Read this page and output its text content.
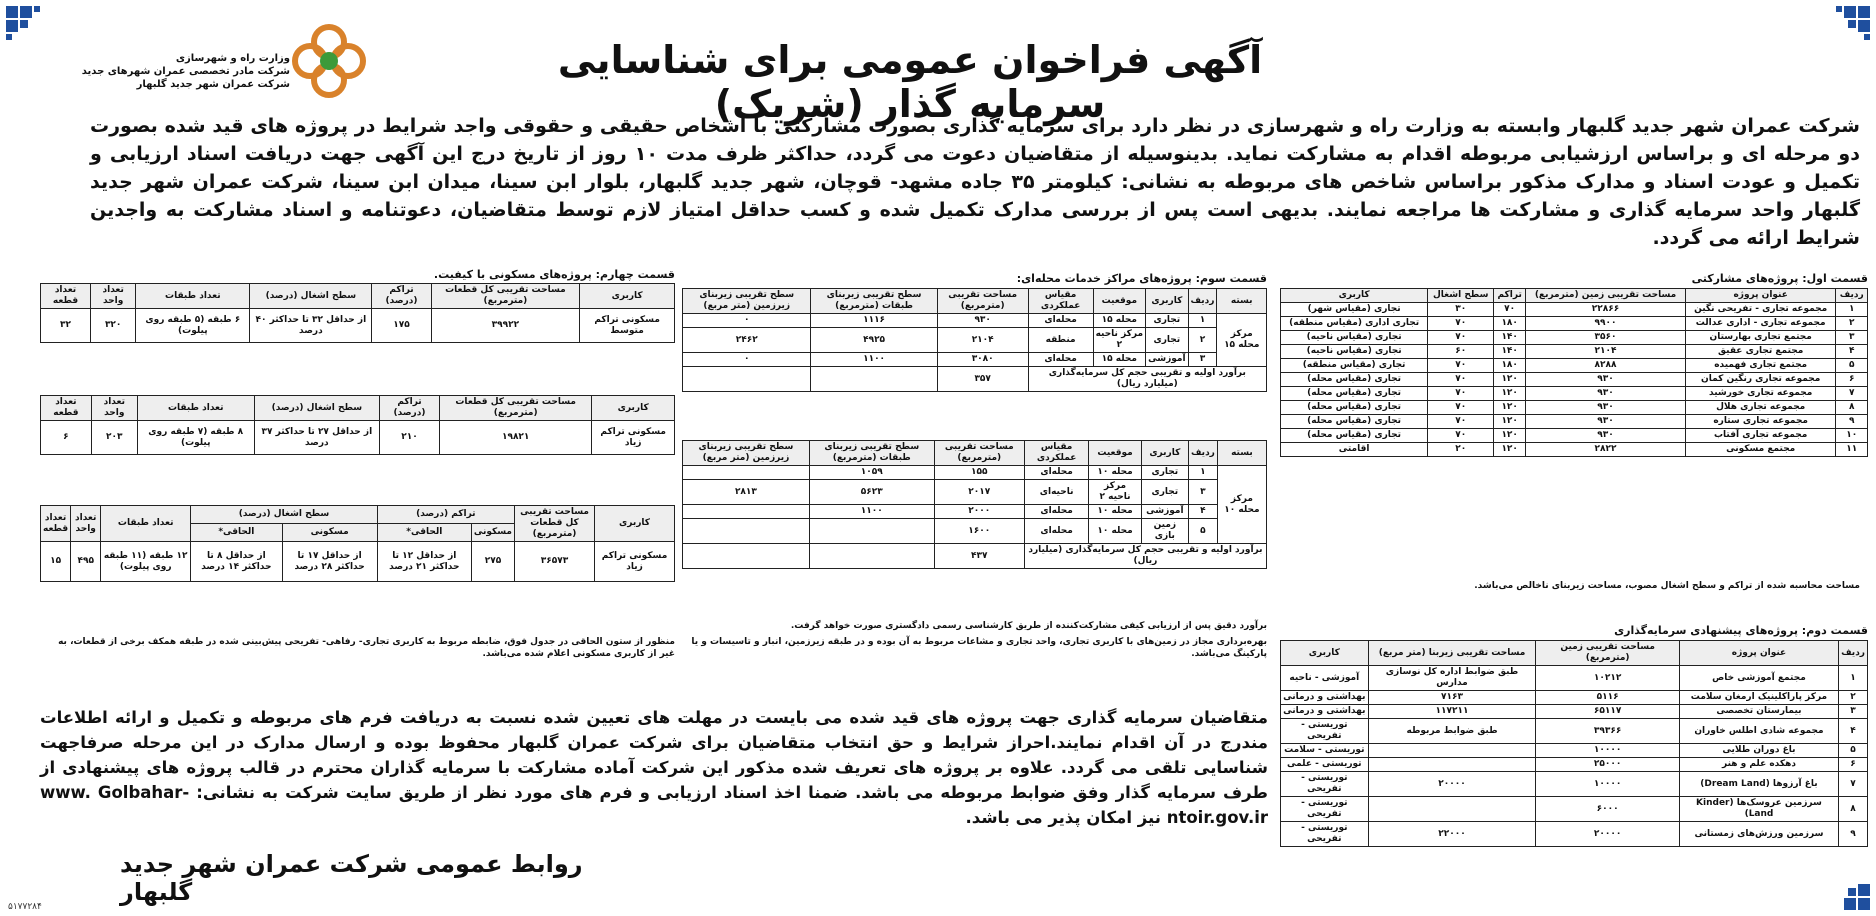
وزارت راه و شهرسازی
شرکت مادر تخصصی عمران شهرهای جدید
شرکت عمران شهر جدید گلبهار
آگهی فراخوان عمومی برای شناسایی سرمایه گذار (شریک)
شرکت عمران شهر جدید گلبهار وابسته به وزارت راه و شهرسازی در نظر دارد برای سرمایه گذاری بصورت مشارکتی با اشخاص حقیقی و حقوقی واجد شرایط در پروژه های قید شده بصورت دو مرحله ای و براساس ارزشیابی مربوطه اقدام به مشارکت نماید. بدینوسیله از متقاضیان دعوت می گردد، حداکثر ظرف مدت ۱۰ روز از تاریخ درج این آگهی جهت دریافت اسناد ارزیابی و تکمیل و عودت اسناد و مدارک مذکور براساس شاخص های مربوطه به نشانی: کیلومتر ۳۵ جاده مشهد- قوچان، شهر جدید گلبهار، بلوار ابن سینا، میدان ابن سینا، شرکت عمران شهر جدید گلبهار واحد سرمایه گذاری و مشارکت ها مراجعه نمایند. بدیهی است پس از بررسی مدارک تکمیل شده و کسب حداقل امتیاز لازم توسط متقاضیان، دعوتنامه و اسناد مشارکت به واجدین شرایط ارائه می گردد.
قسمت اول: پروژه‌های مشارکتی
ردیف	عنوان پروژه	مساحت تقریبی زمین (مترمربع)	تراکم	سطح اشغال	کاربری
۱	مجموعه تجاری - تفریحی نگین	۲۲۸۶۶	۷۰	۳۰	تجاری (مقیاس شهر)
۲	مجموعه تجاری - اداری عدالت	۹۹۰۰	۱۸۰	۷۰	تجاری اداری (مقیاس منطقه)
۳	مجتمع تجاری بهارستان	۳۵۶۰	۱۴۰	۷۰	تجاری (مقیاس ناحیه)
۴	مجتمع تجاری عقیق	۲۱۰۴	۱۴۰	۶۰	تجاری (مقیاس ناحیه)
۵	مجتمع تجاری فهمیده	۸۲۸۸	۱۸۰	۷۰	تجاری (مقیاس منطقه)
۶	مجموعه تجاری رنگین کمان	۹۳۰	۱۲۰	۷۰	تجاری (مقیاس محله)
۷	مجموعه تجاری خورشید	۹۳۰	۱۲۰	۷۰	تجاری (مقیاس محله)
۸	مجموعه تجاری هلال	۹۳۰	۱۲۰	۷۰	تجاری (مقیاس محله)
۹	مجموعه تجاری ستاره	۹۳۰	۱۲۰	۷۰	تجاری (مقیاس محله)
۱۰	مجموعه تجاری آفتاب	۹۳۰	۱۲۰	۷۰	تجاری (مقیاس محله)
۱۱	مجتمع مسکونی	۲۸۲۲	۱۲۰	۲۰	اقامتی
مساحت محاسبه شده از تراکم و سطح اشغال مصوب، مساحت زیربنای ناخالص می‌باشد.
قسمت دوم: پروژه‌های پیشنهادی سرمایه‌گذاری
ردیف	عنوان پروژه	مساحت تقریبی زمین (مترمربع)	مساحت تقریبی زیربنا (متر مربع)	کاربری
۱	مجتمع آموزشی خاص	۱۰۲۱۲	طبق ضوابط اداره کل نوسازی مدارس	آموزشی - ناحیه
۲	مرکز پاراکلینیک ارمغان سلامت	۵۱۱۶	۷۱۶۳	بهداشتی و درمانی
۳	بیمارستان تخصصی	۶۵۱۱۷	۱۱۷۲۱۱	بهداشتی و درمانی
۴	مجموعه شادی اطلس خاوران	۳۹۳۶۶	طبق ضوابط مربوطه	توریستی - تفریحی
۵	باغ دوران طلایی	۱۰۰۰۰		توریستی - سلامت
۶	دهکده علم و هنر	۲۵۰۰۰		توریستی - علمی
۷	باغ آرزوها (Dream Land)	۱۰۰۰۰	۲۰۰۰۰	توریستی - تفریحی
۸	سرزمین عروسک‌ها (Kinder Land)	۶۰۰۰		توریستی - تفریحی
۹	سرزمین ورزش‌های زمستانی	۲۰۰۰۰	۲۲۰۰۰	توریستی - تفریحی
قسمت سوم: پروژه‌های مراکز خدمات محله‌ای:
بسته	ردیف	کاربری	موقعیت	مقیاس عملکردی	مساحت تقریبی (مترمربع)	سطح تقریبی زیربنای طبقات (مترمربع)	سطح تقریبی زیربنای زیرزمین (متر مربع)
مرکز محله ۱۵	۱	تجاری	محله ۱۵	محله‌ای	۹۳۰	۱۱۱۶	۰
	۲	تجاری	مرکز ناحیه ۲	منطقه	۲۱۰۴	۴۹۲۵	۲۴۶۲
	۳	آموزشی	محله ۱۵	محله‌ای	۳۰۸۰	۱۱۰۰	۰
برآورد اولیه و تقریبی حجم کل سرمایه‌گذاری (میلیارد ریال)					۳۵۷		
بسته	ردیف	کاربری	موقعیت	مقیاس عملکردی	مساحت تقریبی (مترمربع)	سطح تقریبی زیربنای طبقات (مترمربع)	سطح تقریبی زیربنای زیرزمین (متر مربع)
مرکز محله ۱۰	۱	تجاری	محله ۱۰	محله‌ای	۱۵۵	۱۰۵۹	
	۳	تجاری	مرکز ناحیه ۲	ناحیه‌ای	۲۰۱۷	۵۶۲۳	۲۸۱۳
	۴	آموزشی	محله ۱۰	محله‌ای	۲۰۰۰	۱۱۰۰	
	۵	زمین بازی	محله ۱۰	محله‌ای	۱۶۰۰		
برآورد اولیه و تقریبی حجم کل سرمایه‌گذاری (میلیارد ریال)					۴۳۷		
برآورد دقیق پس از ارزیابی کیفی مشارکت‌کننده از طریق کارشناسی رسمی دادگستری صورت خواهد گرفت.
بهره‌برداری مجاز در زمین‌های با کاربری تجاری، واحد تجاری و مشاعات مربوط به آن بوده و در طبقه زیرزمین، انبار و تاسیسات و یا پارکینگ می‌باشد.
قسمت چهارم: پروژه‌های مسکونی با کیفیت.
کاربری	مساحت تقریبی کل قطعات (مترمربع)	تراکم (درصد)	سطح اشغال (درصد)	تعداد طبقات	تعداد واحد	تعداد قطعه
مسکونی تراکم متوسط	۳۹۹۲۲	۱۷۵	از حداقل ۳۲ تا حداکثر ۴۰ درصد	۶ طبقه (۵ طبقه روی پیلوت)	۳۲۰	۳۲
کاربری	مساحت تقریبی کل قطعات (مترمربع)	تراکم (درصد)	سطح اشغال (درصد)	تعداد طبقات	تعداد واحد	تعداد قطعه
مسکونی تراکم زیاد	۱۹۸۲۱	۲۱۰	از حداقل ۲۷ تا حداکثر ۳۷ درصد	۸ طبقه (۷ طبقه روی پیلوت)	۲۰۳	۶
کاربری	مساحت تقریبی کل قطعات (مترمربع)	تراکم (درصد)		سطح اشغال (درصد)		تعداد طبقات	تعداد واحد	تعداد قطعه
		مسکونی	الحاقی*	مسکونی	الحاقی*			
مسکونی تراکم زیاد	۳۶۵۷۳	۲۷۵	از حداقل ۱۲ تا حداکثر ۲۱ درصد	از حداقل ۱۷ تا حداکثر ۲۸ درصد	از حداقل ۸ تا حداکثر ۱۴ درصد	۱۲ طبقه (۱۱ طبقه روی پیلوت)	۴۹۵	۱۵
منظور از ستون الحاقی در جدول فوق، ضابطه مربوط به کاربری تجاری- رفاهی- تفریحی پیش‌بینی شده در طبقه همکف برخی از قطعات، به غیر از کاربری مسکونی اعلام شده می‌باشد.
متقاضیان سرمایه گذاری جهت پروژه های قید شده می بایست در مهلت های تعیین شده نسبت به دریافت فرم های مربوطه و تکمیل و ارائه اطلاعات مندرج در آن اقدام نمایند.احراز شرایط و حق انتخاب متقاضیان برای شرکت عمران گلبهار محفوظ بوده و ارسال مدارک در این مرحله صرفاجهت شناسایی تلقی می گردد. علاوه بر پروژه های تعریف شده مذکور این شرکت آماده مشارکت با سرمایه گذاران محترم در قالب پروژه های پیشنهادی از طرف سرمایه گذار وفق ضوابط مربوطه می باشد. ضمنا اخذ اسناد ارزیابی و فرم های مورد نظر از طریق سایت شرکت به نشانی: www. Golbahar-ntoir.gov.ir نیز امکان پذیر می باشد.
روابط عمومی شرکت عمران شهر جدید گلبهار
۵۱۷۷۲۸۴
